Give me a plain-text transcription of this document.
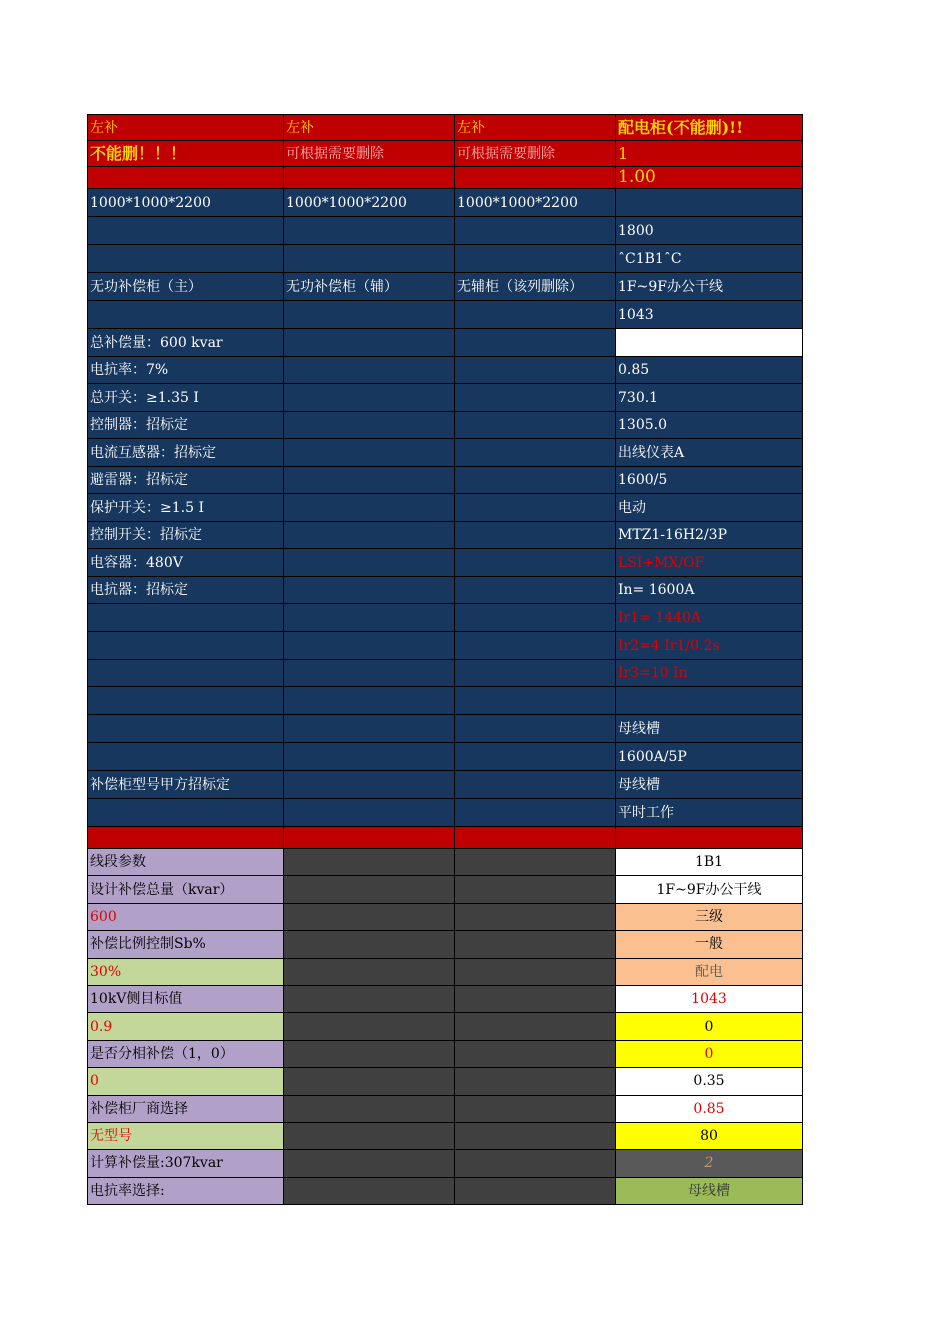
左补	左补	左补	配电柜(不能删)!!
不能删！！！	可根据需要删除	可根据需要删除	1
			1.00
1000*1000*2200	1000*1000*2200	1000*1000*2200	
			1800
			ˆC1B1ˆC
无功补偿柜（主）	无功补偿柜（辅）	无辅柜（该列删除）	1F~9F办公干线
			1043
总补偿量：600 kvar			0.7
电抗率：7%			0.85
总开关：≥1.35 I			730.1
控制器：招标定			1305.0
电流互感器：招标定			出线仪表A
避雷器：招标定			1600/5
保护开关：≥1.5 I			电动
控制开关：招标定			MTZ1-16H2/3P
电容器：480V			LSI+MX/OF
电抗器：招标定			In= 1600A
			Ir1= 1440A
			Ir2=4 Ir1/0.2s
			Ir3=10 In

			母线槽
			1600A/5P
补偿柜型号甲方招标定			母线槽
			平时工作

线段参数			1B1
设计补偿总量（kvar）			1F~9F办公干线
600			三级
补偿比例控制Sb%			一般
30%			配电
10kV侧目标值			1043
0.9			0
是否分相补偿（1，0）			0
0			0.35
补偿柜厂商选择			0.85
无型号			80
计算补偿量:307kvar			2
电抗率选择:			母线槽
